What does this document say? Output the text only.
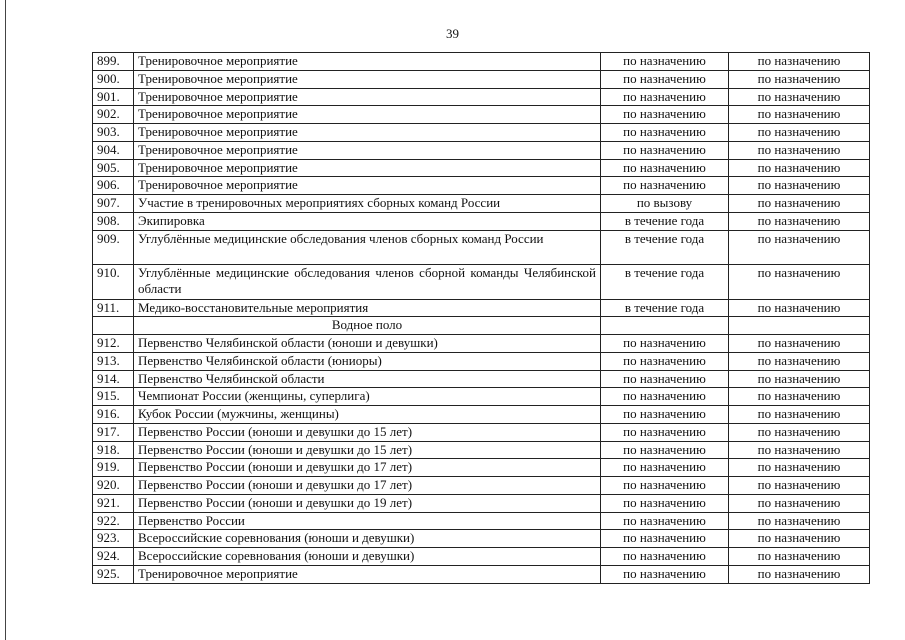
39
899.	Тренировочное мероприятие	по назначению	по назначению
900.	Тренировочное мероприятие	по назначению	по назначению
901.	Тренировочное мероприятие	по назначению	по назначению
902.	Тренировочное мероприятие	по назначению	по назначению
903.	Тренировочное мероприятие	по назначению	по назначению
904.	Тренировочное мероприятие	по назначению	по назначению
905.	Тренировочное мероприятие	по назначению	по назначению
906.	Тренировочное мероприятие	по назначению	по назначению
907.	Участие в тренировочных мероприятиях сборных команд России	по вызову	по назначению
908.	Экипировка	в течение года	по назначению
909.	Углублённые медицинские обследования членов сборных команд России	в течение года	по назначению
910.	Углублённые медицинские обследования членов сборной команды Челябинской области	в течение года	по назначению
911.	Медико-восстановительные мероприятия	в течение года	по назначению
	Водное поло		
912.	Первенство Челябинской области (юноши и девушки)	по назначению	по назначению
913.	Первенство Челябинской области (юниоры)	по назначению	по назначению
914.	Первенство Челябинской области	по назначению	по назначению
915.	Чемпионат России (женщины, суперлига)	по назначению	по назначению
916.	Кубок России (мужчины, женщины)	по назначению	по назначению
917.	Первенство России (юноши и девушки до 15 лет)	по назначению	по назначению
918.	Первенство России (юноши и девушки до 15 лет)	по назначению	по назначению
919.	Первенство России (юноши и девушки до 17 лет)	по назначению	по назначению
920.	Первенство России (юноши и девушки до 17 лет)	по назначению	по назначению
921.	Первенство России (юноши и девушки до 19 лет)	по назначению	по назначению
922.	Первенство России	по назначению	по назначению
923.	Всероссийские соревнования (юноши и девушки)	по назначению	по назначению
924.	Всероссийские соревнования (юноши и девушки)	по назначению	по назначению
925.	Тренировочное мероприятие	по назначению	по назначению
